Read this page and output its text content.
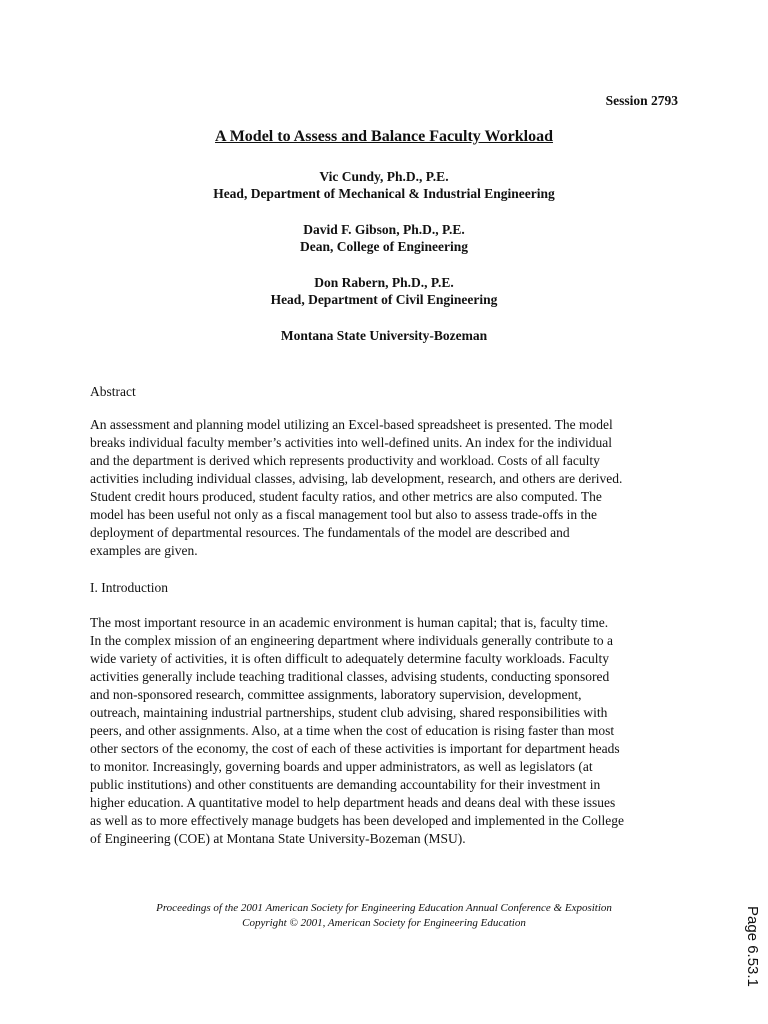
Session 2793
A Model to Assess and Balance Faculty Workload
Vic Cundy, Ph.D., P.E.
Head, Department of Mechanical & Industrial Engineering
David F. Gibson, Ph.D., P.E.
Dean, College of Engineering
Don Rabern, Ph.D., P.E.
Head, Department of Civil Engineering
Montana State University-Bozeman
Abstract
An assessment and planning model utilizing an Excel-based spreadsheet is presented. The model
breaks individual faculty member’s activities into well-defined units. An index for the individual
and the department is derived which represents productivity and workload. Costs of all faculty
activities including individual classes, advising, lab development, research, and others are derived.
Student credit hours produced, student faculty ratios, and other metrics are also computed. The
model has been useful not only as a fiscal management tool but also to assess trade-offs in the
deployment of departmental resources. The fundamentals of the model are described and
examples are given.
I. Introduction
The most important resource in an academic environment is human capital; that is, faculty time.
In the complex mission of an engineering department where individuals generally contribute to a
wide variety of activities, it is often difficult to adequately determine faculty workloads. Faculty
activities generally include teaching traditional classes, advising students, conducting sponsored
and non-sponsored research, committee assignments, laboratory supervision, development,
outreach, maintaining industrial partnerships, student club advising, shared responsibilities with
peers, and other assignments. Also, at a time when the cost of education is rising faster than most
other sectors of the economy, the cost of each of these activities is important for department heads
to monitor. Increasingly, governing boards and upper administrators, as well as legislators (at
public institutions) and other constituents are demanding accountability for their investment in
higher education. A quantitative model to help department heads and deans deal with these issues
as well as to more effectively manage budgets has been developed and implemented in the College
of Engineering (COE) at Montana State University-Bozeman (MSU).
Proceedings of the 2001 American Society for Engineering Education Annual Conference & Exposition
Copyright © 2001, American Society for Engineering Education	Page 6.53.1
